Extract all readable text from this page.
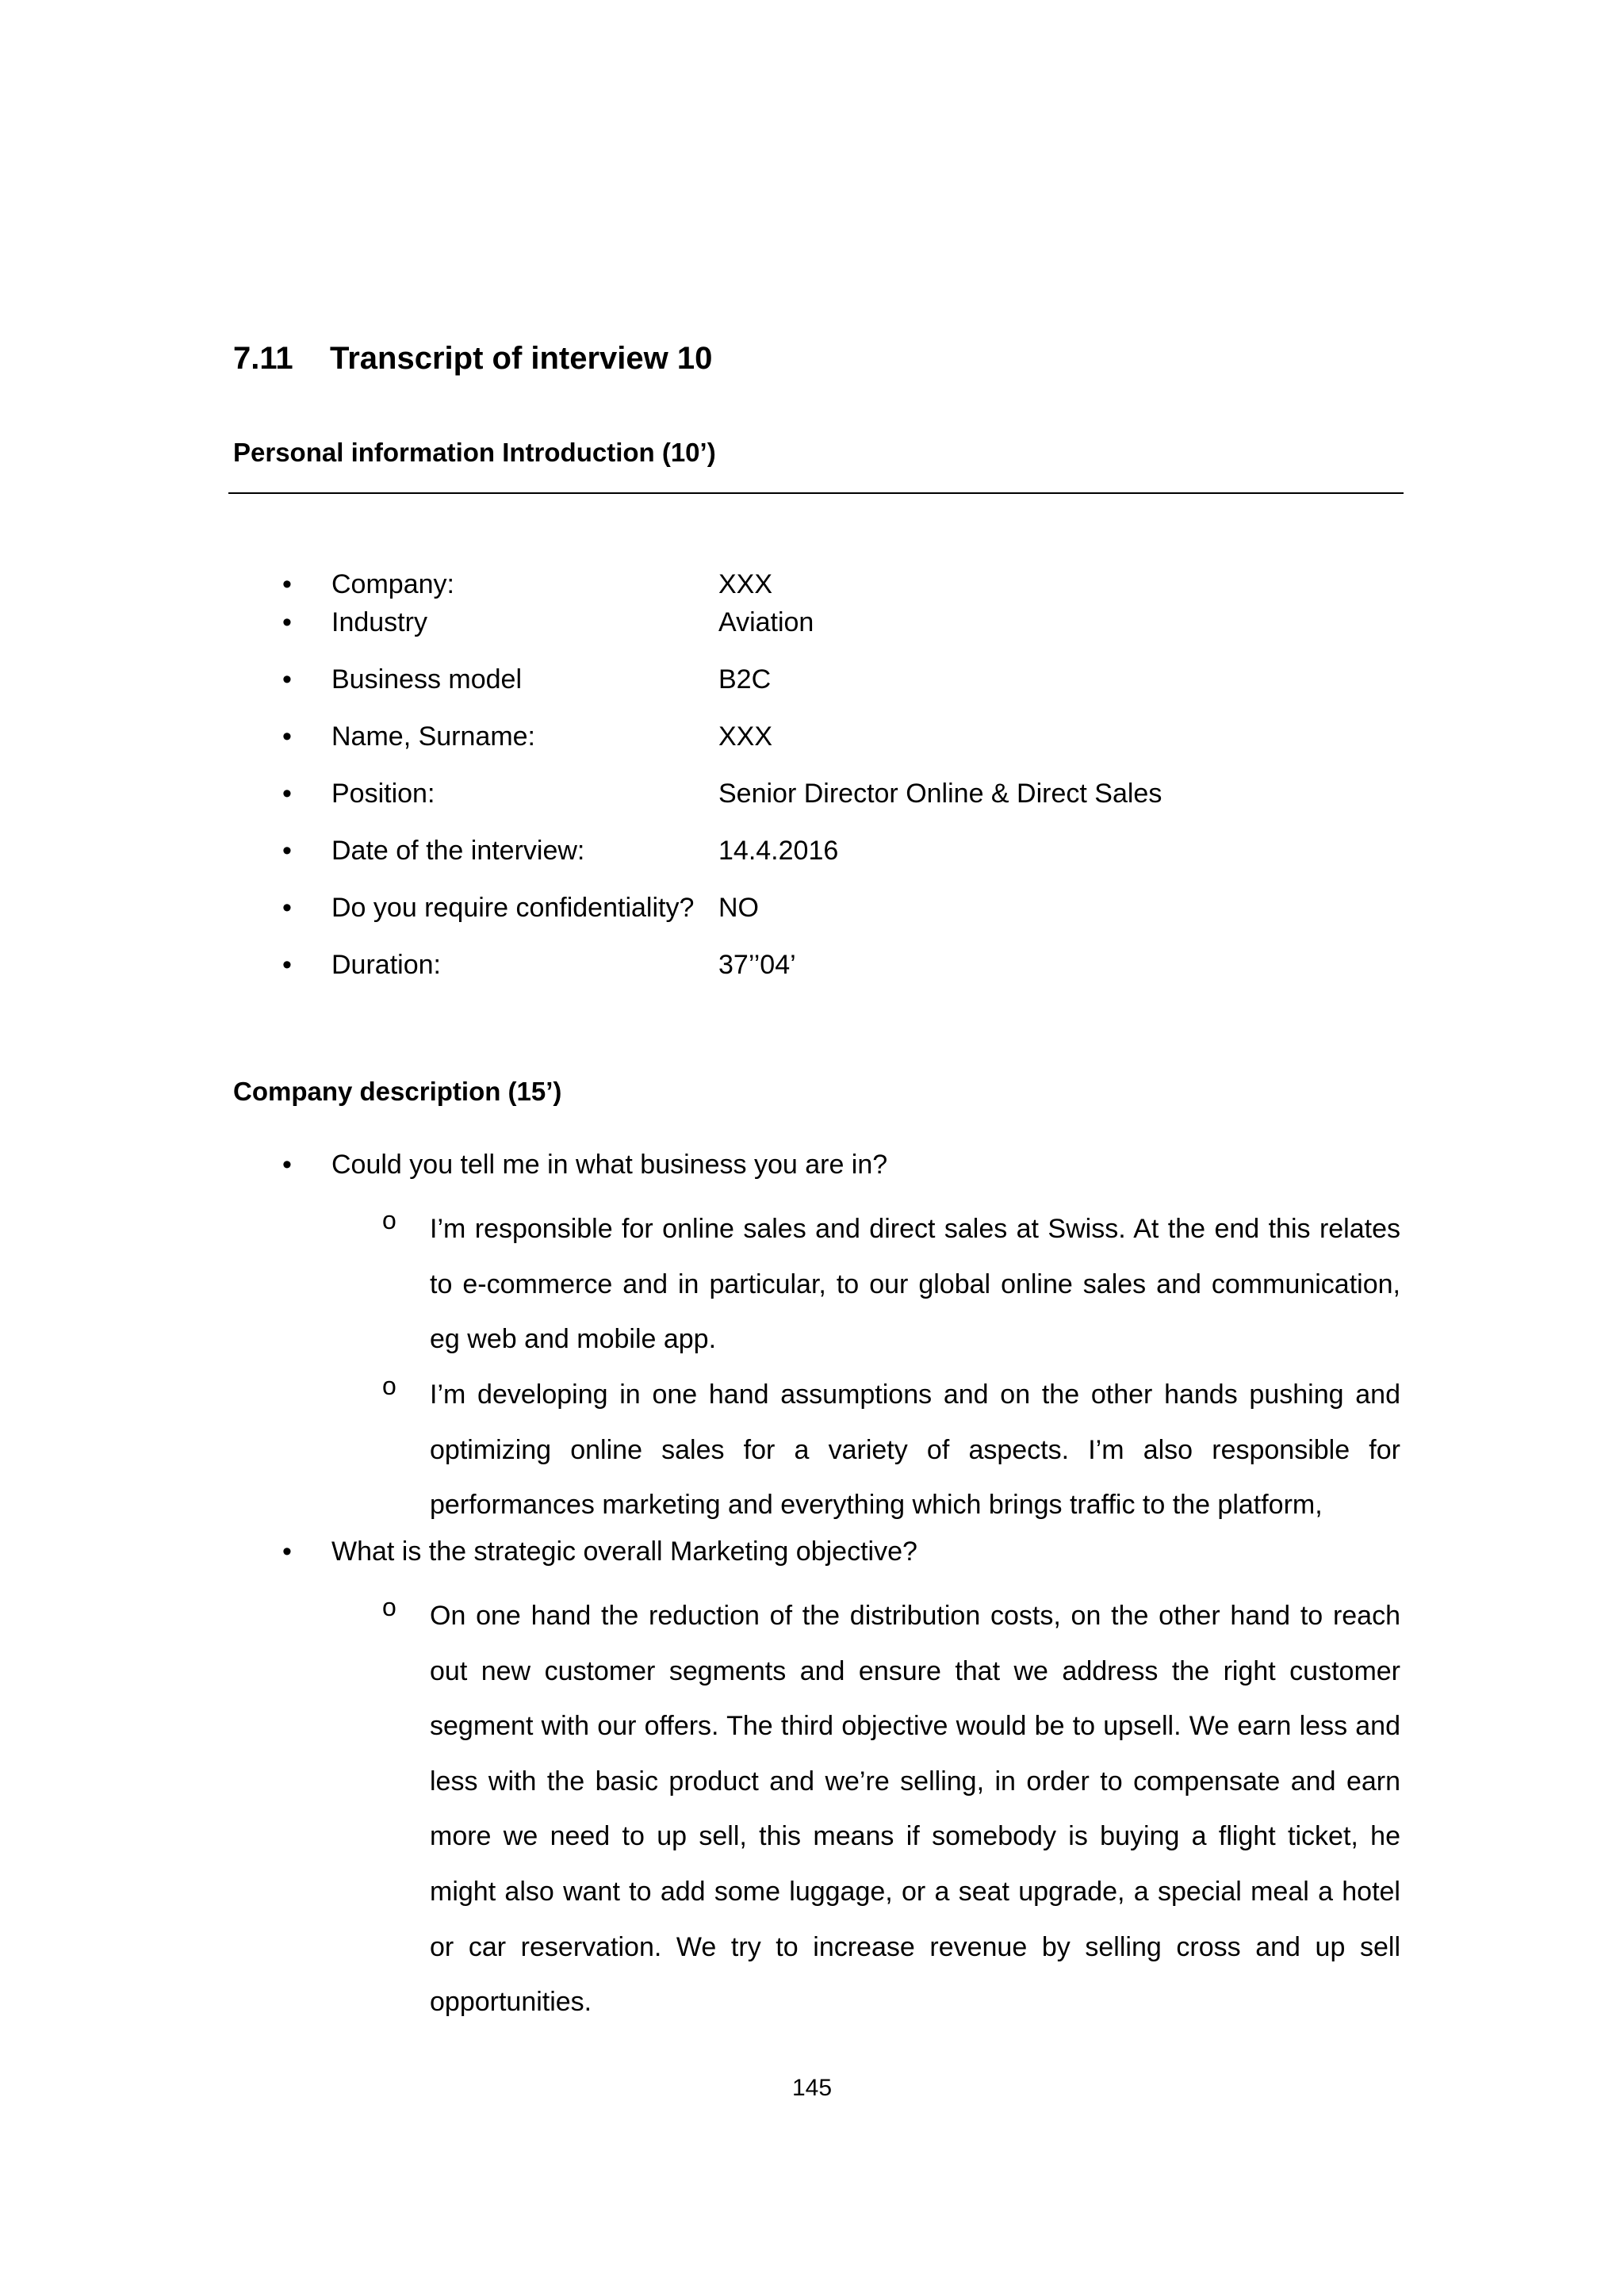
7.11 Transcript of interview 10
Personal information Introduction (10’)
• Company:	XXX
• Industry	Aviation
• Business model	B2C
• Name, Surname:	XXX
• Position:	Senior Director Online & Direct Sales
• Date of the interview:	14.4.2016
• Do you require confidentiality? NO
• Duration:	37’’04’
Company description (15’)
• Could you tell me in what business you are in?
o I’m responsible for online sales and direct sales at Swiss. At the end this relates to e-commerce and in particular, to our global online sales and communication, eg web and mobile app.
o I’m developing in one hand assumptions and on the other hands pushing and optimizing online sales for a variety of aspects. I’m also responsible for performances marketing and everything which brings traffic to the platform,
• What is the strategic overall Marketing objective?
o On one hand the reduction of the distribution costs, on the other hand to reach out new customer segments and ensure that we address the right customer segment with our offers. The third objective would be to upsell. We earn less and less with the basic product and we’re selling, in order to compensate and earn more we need to up sell, this means if somebody is buying a flight ticket, he might also want to add some luggage, or a seat upgrade, a special meal a hotel or car reservation. We try to increase revenue by selling cross and up sell opportunities.
145
